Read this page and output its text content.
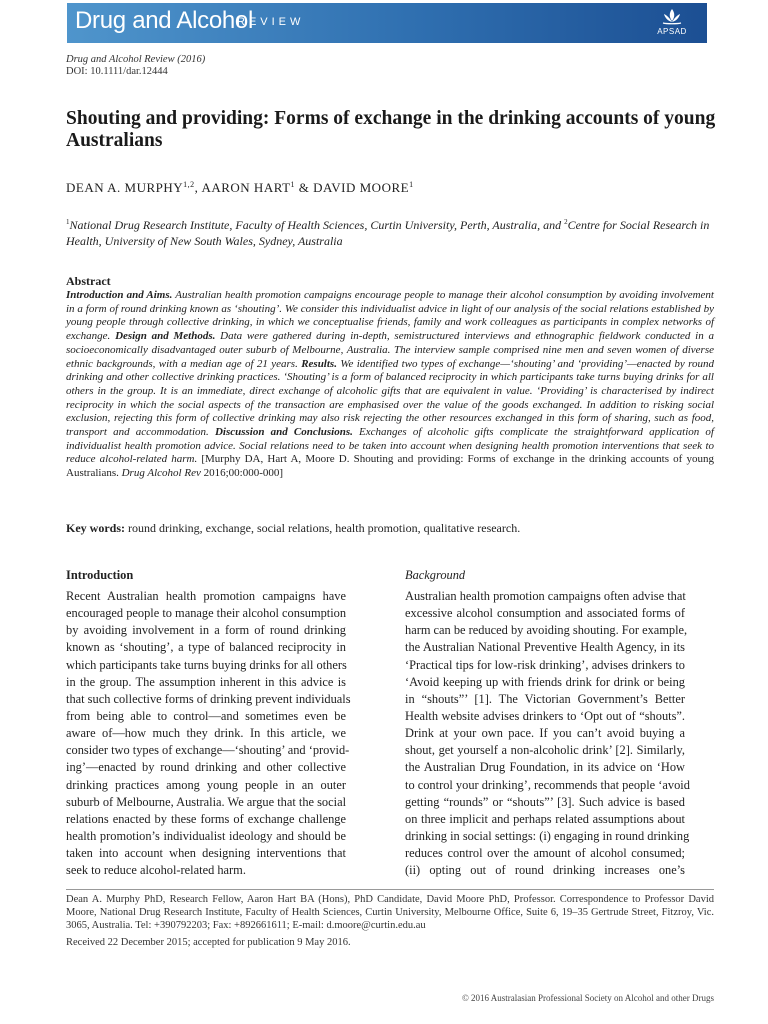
Drug and Alcohol
REVIEW
APSAD
Drug and Alcohol Review (2016)
DOI: 10.1111/dar.12444
Shouting and providing: Forms of exchange in the drinking accounts of young Australians
DEAN A. MURPHY$^{1,2}$, AARON HART$^1$ & DAVID MOORE$^1$
$^1$National Drug Research Institute, Faculty of Health Sciences, Curtin University, Perth, Australia, and $^2$Centre for Social Research in Health, University of New South Wales, Sydney, Australia
Abstract
Introduction and Aims. Australian health promotion campaigns encourage people to manage their alcohol consumption by avoiding involvement in a form of round drinking known as ‘shouting’. We consider this individualist advice in light of our analysis of the social relations established by young people through collective drinking, in which we conceptualise friends, family and work colleagues as participants in complex networks of exchange. Design and Methods. Data were gathered during in-depth, semistructured interviews and ethnographic fieldwork conducted in a socioeconomically disadvantaged outer suburb of Melbourne, Australia. The interview sample comprised nine men and seven women of diverse ethnic backgrounds, with a median age of 21 years. Results. We identified two types of exchange—‘shouting’ and ‘providing’—enacted by round drinking and other collective drinking practices. ‘Shouting’ is a form of balanced reciprocity in which participants take turns buying drinks for all others in the group. It is an immediate, direct exchange of alcoholic gifts that are equivalent in value. ‘Providing’ is characterised by indirect reciprocity in which the social aspects of the transaction are emphasised over the value of the goods exchanged. In addition to risking social exclusion, rejecting this form of collective drinking may also risk rejecting the other resources exchanged in this form of sharing, such as food, transport and accommodation. Discussion and Conclusions. Exchanges of alcoholic gifts complicate the straightforward application of individualist health promotion advice. Social relations need to be taken into account when designing health promotion interventions that seek to reduce alcohol-related harm. [Murphy DA, Hart A, Moore D. Shouting and providing: Forms of exchange in the drinking accounts of young Australians. Drug Alcohol Rev 2016;00:000-000]
Key words: round drinking, exchange, social relations, health promotion, qualitative research.
Introduction	Background
Recent Australian health promotion campaigns have
encouraged people to manage their alcohol consumption
by avoiding involvement in a form of round drinking
known as ‘shouting’, a type of balanced reciprocity in
which participants take turns buying drinks for all others
in the group. The assumption inherent in this advice is
that such collective forms of drinking prevent individuals
from being able to control—and sometimes even be
aware of—how much they drink. In this article, we
consider two types of exchange—‘shouting’ and ‘provid-
ing’—enacted by round drinking and other collective
drinking practices among young people in an outer
suburb of Melbourne, Australia. We argue that the social
relations enacted by these forms of exchange challenge
health promotion’s individualist ideology and should be
taken into account when designing interventions that
seek to reduce alcohol-related harm.
Australian health promotion campaigns often advise that
excessive alcohol consumption and associated forms of
harm can be reduced by avoiding shouting. For example,
the Australian National Preventive Health Agency, in its
‘Practical tips for low-risk drinking’, advises drinkers to
‘Avoid keeping up with friends drink for drink or being
in “shouts”’ [1]. The Victorian Government’s Better
Health website advises drinkers to ‘Opt out of “shouts”.
Drink at your own pace. If you can’t avoid buying a
shout, get yourself a non-alcoholic drink’ [2]. Similarly,
the Australian Drug Foundation, in its advice on ‘How
to control your drinking’, recommends that people ‘avoid
getting “rounds” or “shouts”’ [3]. Such advice is based
on three implicit and perhaps related assumptions about
drinking in social settings: (i) engaging in round drinking
reduces control over the amount of alcohol consumed;
(ii) opting out of round drinking increases one’s
Dean A. Murphy PhD, Research Fellow, Aaron Hart BA (Hons), PhD Candidate, David Moore PhD, Professor. Correspondence to Professor David Moore, National Drug Research Institute, Faculty of Health Sciences, Curtin University, Melbourne Office, Suite 6, 19–35 Gertrude Street, Fitzroy, Vic. 3065, Australia. Tel: +390792203; Fax: +892661611; E-mail: d.moore@curtin.edu.au
Received 22 December 2015; accepted for publication 9 May 2016.
© 2016 Australasian Professional Society on Alcohol and other Drugs
